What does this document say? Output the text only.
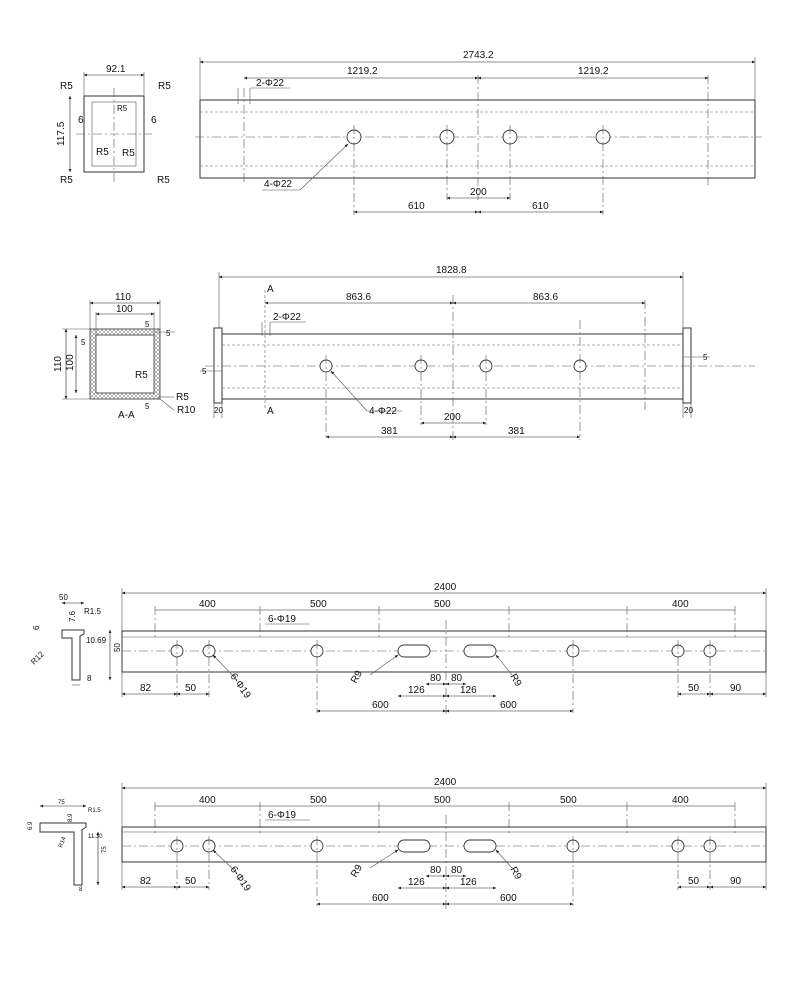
92.1
117.5
R5	R5
R5
6	6
R5 R5
R5	R5
2743.2
1219.2	1219.2
2-Φ22
4-Φ22
200
610	610
110
100
110 100
5
5
5
5
R5
R5
R10
A-A
1828.8
863.6	863.6
A
A
2-Φ22
4-Φ22
200
381	381
20	20
5
5
50
6
7.6 R1.5
10.69
50
R12
8
2400
400	500	500	400
6-Φ19
6-Φ19	R9	R9
80 80
126	126
82	50	50	90
600	600
75
6.9
8.9
R1.5
11.30
75
R14
8
2400
400	500	500	500	400
6-Φ19
6-Φ19	R9	R9
80 80
126	126
82	50	50	90
600	600
